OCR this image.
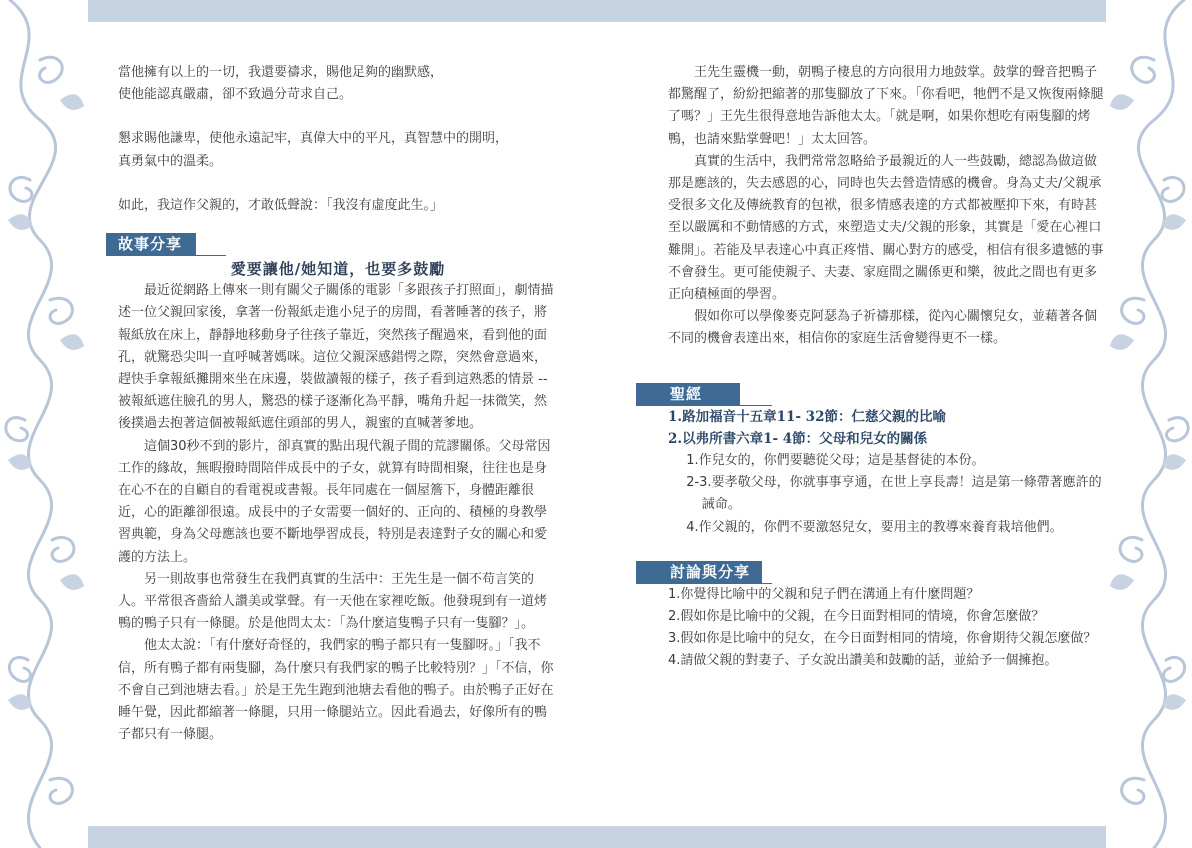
當他擁有以上的一切，我還要禱求，賜他足夠的幽默感，

使他能認真嚴肅，卻不致過分苛求自己。

懇求賜他謙卑，使他永遠記牢，真偉大中的平凡，真智慧中的開明，

真勇氣中的溫柔。

如此，我這作父親的，才敢低聲說：「我沒有虛度此生。」

故事分享

愛要讓他/她知道，也要多鼓勵

最近從網路上傳來一則有關父子關係的電影「多跟孩子打照面」，劇情描述一位父親回家後，拿著一份報紙走進小兒子的房間，看著睡著的孩子，將報紙放在床上，靜靜地移動身子往孩子靠近，突然孩子醒過來，看到他的面孔，就驚恐尖叫一直呼喊著媽咪。這位父親深感錯愕之際，突然會意過來，趕快手拿報紙攤開來坐在床邊，裝做讀報的樣子，孩子看到這熟悉的情景 -- 被報紙遮住臉孔的男人，驚恐的樣子逐漸化為平靜，嘴角升起一抹微笑，然後撲過去抱著這個被報紙遮住頭部的男人，親蜜的直喊著爹地。

這個30秒不到的影片，卻真實的點出現代親子間的荒謬關係。父母常因工作的緣故，無暇撥時間陪伴成長中的子女，就算有時間相聚，往往也是身在心不在的自顧自的看電視或書報。長年同處在一個屋簷下，身體距離很近，心的距離卻很遠。成長中的子女需要一個好的、正向的、積極的身教學習典範，身為父母應該也要不斷地學習成長，特別是表達對子女的關心和愛護的方法上。

另一則故事也常發生在我們真實的生活中：王先生是一個不苟言笑的人。平常很吝嗇給人讚美或掌聲。有一天他在家裡吃飯。他發現到有一道烤鴨的鴨子只有一條腿。於是他問太太：「為什麼這隻鴨子只有一隻腳？」。

他太太說：「有什麼好奇怪的，我們家的鴨子都只有一隻腳呀。」「我不信，所有鴨子都有兩隻腳，為什麼只有我們家的鴨子比較特別？」「不信，你不會自己到池塘去看。」於是王先生跑到池塘去看他的鴨子。由於鴨子正好在睡午覺，因此都縮著一條腿，只用一條腿站立。因此看過去，好像所有的鴨子都只有一條腿。

王先生靈機一動，朝鴨子棲息的方向很用力地鼓掌。鼓掌的聲音把鴨子都驚醒了，紛紛把縮著的那隻腳放了下來。「你看吧，牠們不是又恢復兩條腿了嗎？」王先生很得意地告訴他太太。「就是啊，如果你想吃有兩隻腳的烤鴨，也請來點掌聲吧！」太太回答。

真實的生活中，我們常常忽略給予最親近的人一些鼓勵，總認為做這做那是應該的，失去感恩的心，同時也失去營造情感的機會。身為丈夫/父親承受很多文化及傳統教育的包袱，很多情感表達的方式都被壓抑下來，有時甚至以嚴厲和不動情感的方式，來塑造丈夫/父親的形象，其實是「愛在心裡口難開」。若能及早表達心中真正疼惜、關心對方的感受，相信有很多遺憾的事不會發生。更可能使親子、夫妻、家庭間之關係更和樂，彼此之間也有更多正向積極面的學習。

假如你可以學像麥克阿瑟為子祈禱那樣，從內心關懷兒女，並藉著各個不同的機會表達出來，相信你的家庭生活會變得更不一樣。

聖經

1.路加福音十五章11- 32節：仁慈父親的比喻

2.以弗所書六章1- 4節：父母和兒女的關係

1.作兒女的，你們要聽從父母；這是基督徒的本份。

2-3.要孝敬父母，你就事事亨通，在世上享長壽！這是第一條帶著應許的誡命。

4.作父親的，你們不要激怒兒女，要用主的教導來養育栽培他們。

討論與分享

1.你覺得比喻中的父親和兒子們在溝通上有什麼問題？

2.假如你是比喻中的父親，在今日面對相同的情境，你會怎麼做？

3.假如你是比喻中的兒女，在今日面對相同的情境，你會期待父親怎麼做？

4.請做父親的對妻子、子女說出讚美和鼓勵的話，並給予一個擁抱。
